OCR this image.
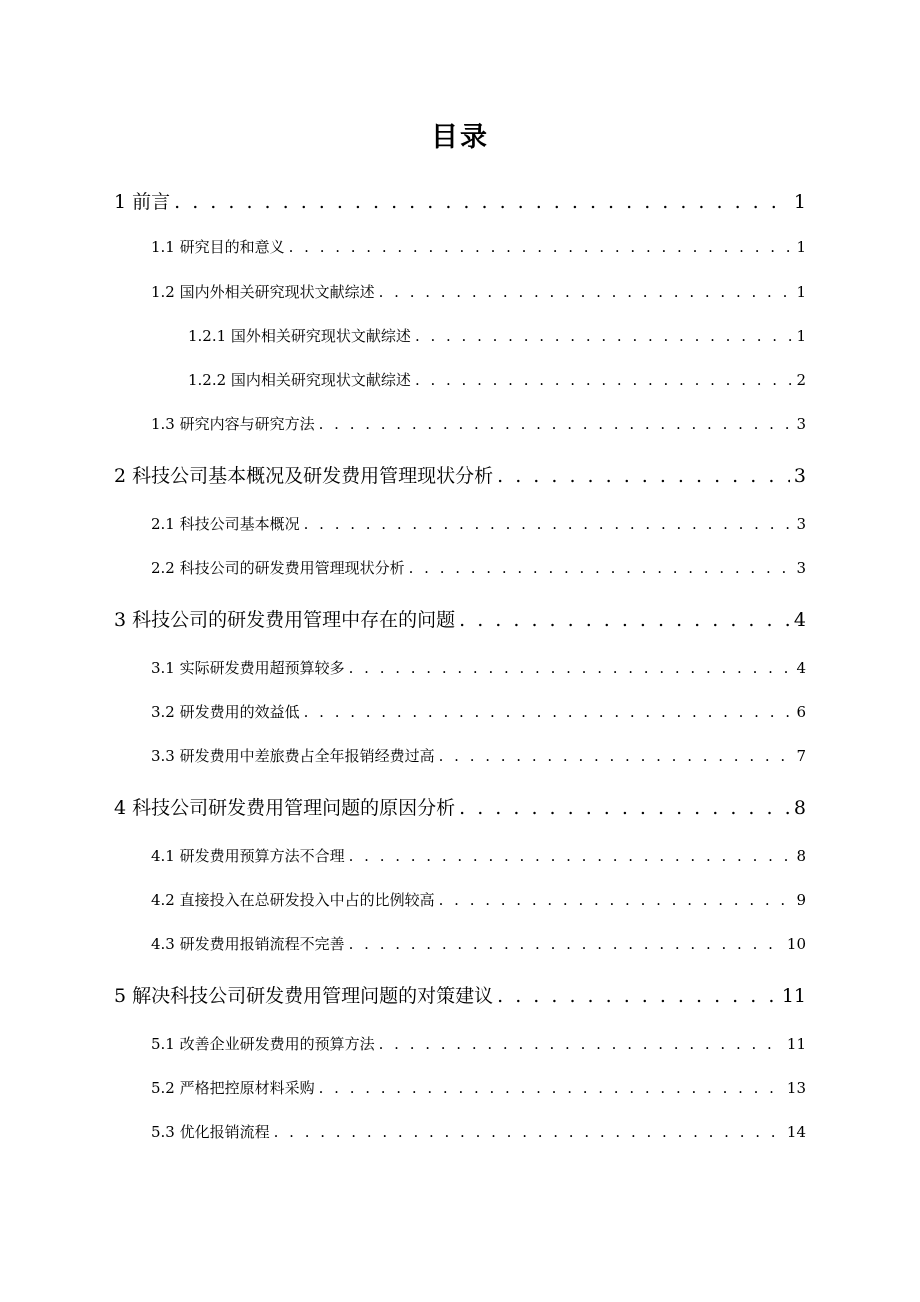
目录
1 前言 . . .	1
1.1 研究目的和意义 . . .	1
1.2 国内外相关研究现状文献综述 . . .	1
1.2.1 国外相关研究现状文献综述 . . .	1
1.2.2 国内相关研究现状文献综述 . . .	2
1.3 研究内容与研究方法 . . .	3
2 科技公司基本概况及研发费用管理现状分析 . . .	3
2.1 科技公司基本概况 . . .	3
2.2 科技公司的研发费用管理现状分析 . . .	3
3 科技公司的研发费用管理中存在的问题 . . .	4
3.1 实际研发费用超预算较多 . . .	4
3.2 研发费用的效益低 . . .	6
3.3 研发费用中差旅费占全年报销经费过高 . . .	7
4 科技公司研发费用管理问题的原因分析 . . .	8
4.1 研发费用预算方法不合理 . . .	8
4.2 直接投入在总研发投入中占的比例较高 . . .	9
4.3 研发费用报销流程不完善 . . .	10
5 解决科技公司研发费用管理问题的对策建议 . . .	11
5.1 改善企业研发费用的预算方法 . . .	11
5.2 严格把控原材料采购 . . .	13
5.3 优化报销流程 . . .	14
